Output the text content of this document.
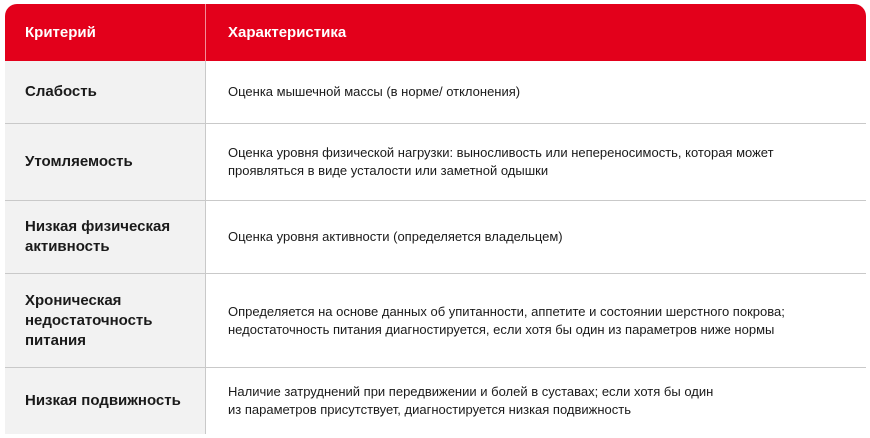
Критерий	Характеристика
Слабость	Оценка мышечной массы (в норме/ отклонения)
Утомляемость
Оценка уровня физической нагрузки: выносливость или непереносимость, которая может
проявляться в виде усталости или заметной одышки
Низкая физическая
активность
Оценка уровня активности (определяется владельцем)
Хроническая
недостаточность
питания
Определяется на основе данных об упитанности, аппетите и состоянии шерстного покрова;
недостаточность питания диагностируется, если хотя бы один из параметров ниже нормы
Низкая подвижность
Наличие затруднений при передвижении и болей в суставах; если хотя бы один
из параметров присутствует, диагностируется низкая подвижность
